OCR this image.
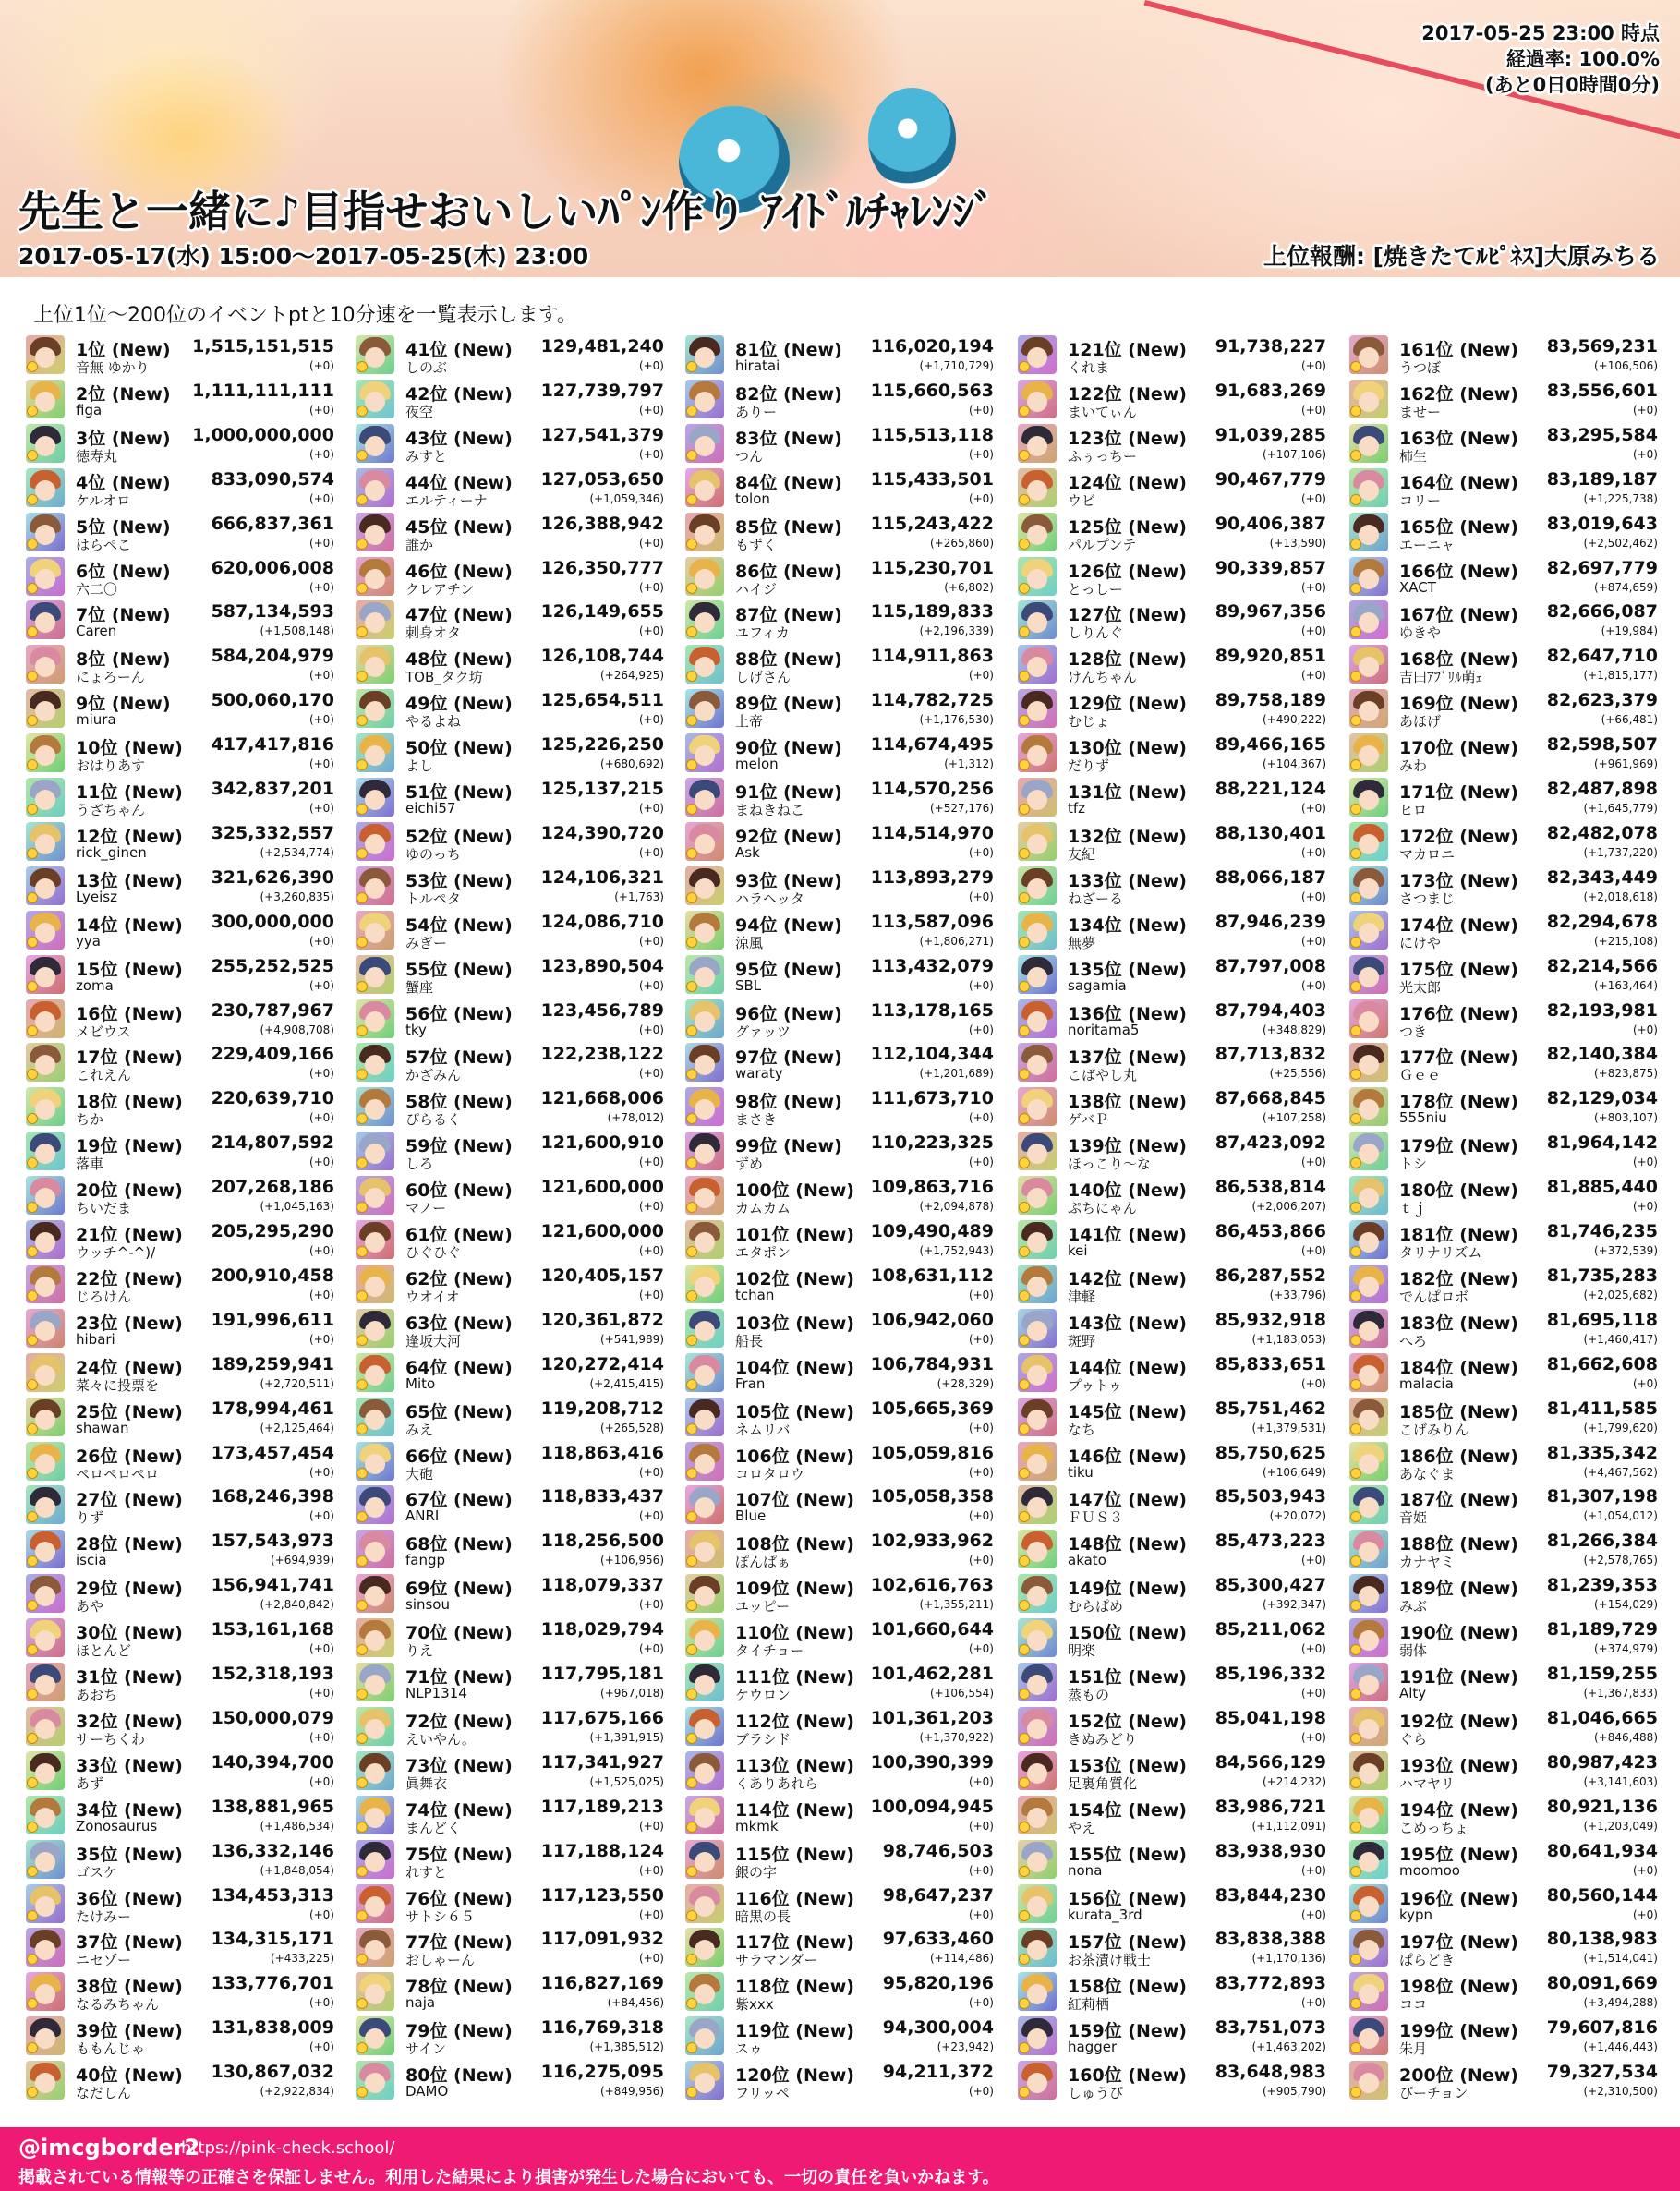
2017-05-25 23:00 時点
経過率: 100.0%
(あと0日0時間0分)
先生と一緒に♪目指せおいしいﾊﾟﾝ作り ｱｲﾄﾞﾙﾁｬﾚﾝｼﾞ
2017-05-17(水) 15:00～2017-05-25(木) 23:00	上位報酬: [焼きたてﾙﾋﾟﾈｽ]大原みちる
上位1位～200位のイベントptと10分速を一覧表示します。
1位 (New) 1,515,151,515
音無 ゆかり	(+0)
2位 (New) 1,111,111,111
figa	(+0)
3位 (New) 1,000,000,000
徳寿丸	(+0)
4位 (New) 833,090,574
ケルオロ	(+0)
5位 (New) 666,837,361
はらぺこ	(+0)
6位 (New) 620,006,008
六二〇	(+0)
7位 (New) 587,134,593
Caren	(+1,508,148)
8位 (New) 584,204,979
にょろーん	(+0)
9位 (New) 500,060,170
miura	(+0)
10位 (New) 417,417,816
おはりあす	(+0)
11位 (New) 342,837,201
うざちゃん	(+0)
12位 (New) 325,332,557
rick_ginen	(+2,534,774)
13位 (New) 321,626,390
Lyeisz	(+3,260,835)
14位 (New) 300,000,000
yya	(+0)
15位 (New) 255,252,525
zoma	(+0)
16位 (New) 230,787,967
メビウス	(+4,908,708)
17位 (New) 229,409,166
これえん	(+0)
18位 (New) 220,639,710
ちか	(+0)
19位 (New) 214,807,592
落車	(+0)
20位 (New) 207,268,186
ちいだま	(+1,045,163)
21位 (New) 205,295,290
ウッチ^-^)/	(+0)
22位 (New) 200,910,458
じろけん	(+0)
23位 (New) 191,996,611
hibari	(+0)
24位 (New) 189,259,941
菜々に投票を	(+2,720,511)
25位 (New) 178,994,461
shawan	(+2,125,464)
26位 (New) 173,457,454
ペロペロペロ	(+0)
27位 (New) 168,246,398
りず	(+0)
28位 (New) 157,543,973
iscia	(+694,939)
29位 (New) 156,941,741
あや	(+2,840,842)
30位 (New) 153,161,168
ほとんど	(+0)
31位 (New) 152,318,193
あおち	(+0)
32位 (New) 150,000,079
サーちくわ	(+0)
33位 (New) 140,394,700
あず	(+0)
34位 (New) 138,881,965
Zonosaurus	(+1,486,534)
35位 (New) 136,332,146
ゴスケ	(+1,848,054)
36位 (New) 134,453,313
たけみー	(+0)
37位 (New) 134,315,171
ニセゾー	(+433,225)
38位 (New) 133,776,701
なるみちゃん	(+0)
39位 (New) 131,838,009
ももんじゃ	(+0)
40位 (New) 130,867,032
なだしん	(+2,922,834)
41位 (New) 129,481,240
しのぶ	(+0)
42位 (New) 127,739,797
夜空	(+0)
43位 (New) 127,541,379
みすと	(+0)
44位 (New) 127,053,650
エルティーナ	(+1,059,346)
45位 (New) 126,388,942
誰か	(+0)
46位 (New) 126,350,777
クレアチン	(+0)
47位 (New) 126,149,655
刺身オタ	(+0)
48位 (New) 126,108,744
TOB_タク坊	(+264,925)
49位 (New) 125,654,511
やるよね	(+0)
50位 (New) 125,226,250
よし	(+680,692)
51位 (New) 125,137,215
eichi57	(+0)
52位 (New) 124,390,720
ゆのっち	(+0)
53位 (New) 124,106,321
トルペタ	(+1,763)
54位 (New) 124,086,710
みぎー	(+0)
55位 (New) 123,890,504
蟹座	(+0)
56位 (New) 123,456,789
tky	(+0)
57位 (New) 122,238,122
かざみん	(+0)
58位 (New) 121,668,006
ぴらるく	(+78,012)
59位 (New) 121,600,910
しろ	(+0)
60位 (New) 121,600,000
マノー	(+0)
61位 (New) 121,600,000
ひぐひぐ	(+0)
62位 (New) 120,405,157
ウオイオ	(+0)
63位 (New) 120,361,872
逢坂大河	(+541,989)
64位 (New) 120,272,414
Mito	(+2,415,415)
65位 (New) 119,208,712
みえ	(+265,528)
66位 (New) 118,863,416
大砲	(+0)
67位 (New) 118,833,437
ANRI	(+0)
68位 (New) 118,256,500
fangp	(+106,956)
69位 (New) 118,079,337
sinsou	(+0)
70位 (New) 118,029,794
りえ	(+0)
71位 (New) 117,795,181
NLP1314	(+967,018)
72位 (New) 117,675,166
えいやん。	(+1,391,915)
73位 (New) 117,341,927
眞舞衣	(+1,525,025)
74位 (New) 117,189,213
まんどく	(+0)
75位 (New) 117,188,124
れすと	(+0)
76位 (New) 117,123,550
サトシ６５	(+0)
77位 (New) 117,091,932
おしゃーん	(+0)
78位 (New) 116,827,169
naja	(+84,456)
79位 (New) 116,769,318
サイン	(+1,385,512)
80位 (New) 116,275,095
DAMO	(+849,956)
81位 (New) 116,020,194
hiratai	(+1,710,729)
82位 (New) 115,660,563
ありー	(+0)
83位 (New) 115,513,118
つん	(+0)
84位 (New) 115,433,501
tolon	(+0)
85位 (New) 115,243,422
もずく	(+265,860)
86位 (New) 115,230,701
ハイジ	(+6,802)
87位 (New) 115,189,833
ユフィカ	(+2,196,339)
88位 (New) 114,911,863
しげさん	(+0)
89位 (New) 114,782,725
上帝	(+1,176,530)
90位 (New) 114,674,495
melon	(+1,312)
91位 (New) 114,570,256
まねきねこ	(+527,176)
92位 (New) 114,514,970
Ask	(+0)
93位 (New) 113,893,279
ハラヘッタ	(+0)
94位 (New) 113,587,096
涼風	(+1,806,271)
95位 (New) 113,432,079
SBL	(+0)
96位 (New) 113,178,165
グァッツ	(+0)
97位 (New) 112,104,344
waraty	(+1,201,689)
98位 (New) 111,673,710
まさき	(+0)
99位 (New) 110,223,325
ずめ	(+0)
100位 (New) 109,863,716
カムカム	(+2,094,878)
101位 (New) 109,490,489
エタポン	(+1,752,943)
102位 (New) 108,631,112
tchan	(+0)
103位 (New) 106,942,060
船長	(+0)
104位 (New) 106,784,931
Fran	(+28,329)
105位 (New) 105,665,369
ネムリバ	(+0)
106位 (New) 105,059,816
コロタロウ	(+0)
107位 (New) 105,058,358
Blue	(+0)
108位 (New) 102,933,962
ぽんぱぁ	(+0)
109位 (New) 102,616,763
ユッピー	(+1,355,211)
110位 (New) 101,660,644
タイチョー	(+0)
111位 (New) 101,462,281
ケウロン	(+106,554)
112位 (New) 101,361,203
ブラシド	(+1,370,922)
113位 (New) 100,390,399
くありあれら	(+0)
114位 (New) 100,094,945
mkmk	(+0)
115位 (New) 98,746,503
銀の字	(+0)
116位 (New) 98,647,237
暗黒の長	(+0)
117位 (New) 97,633,460
サラマンダー	(+114,486)
118位 (New) 95,820,196
紫xxx	(+0)
119位 (New) 94,300,004
スゥ	(+23,942)
120位 (New) 94,211,372
フリッペ	(+0)
121位 (New) 91,738,227
くれま	(+0)
122位 (New) 91,683,269
まいてぃん	(+0)
123位 (New) 91,039,285
ふぅっちー	(+107,106)
124位 (New) 90,467,779
ウビ	(+0)
125位 (New) 90,406,387
パルプンテ	(+13,590)
126位 (New) 90,339,857
とっしー	(+0)
127位 (New) 89,967,356
しりんぐ	(+0)
128位 (New) 89,920,851
けんちゃん	(+0)
129位 (New) 89,758,189
むじょ	(+490,222)
130位 (New) 89,466,165
だりず	(+104,367)
131位 (New) 88,221,124
tfz	(+0)
132位 (New) 88,130,401
友紀	(+0)
133位 (New) 88,066,187
ねざーる	(+0)
134位 (New) 87,946,239
無夢	(+0)
135位 (New) 87,797,008
sagamia	(+0)
136位 (New) 87,794,403
noritama5	(+348,829)
137位 (New) 87,713,832
こばやし丸	(+25,556)
138位 (New) 87,668,845
ゲバＰ	(+107,258)
139位 (New) 87,423,092
ほっこり～な	(+0)
140位 (New) 86,538,814
ぷちにゃん	(+2,006,207)
141位 (New) 86,453,866
kei	(+0)
142位 (New) 86,287,552
津軽	(+33,796)
143位 (New) 85,932,918
斑野	(+1,183,053)
144位 (New) 85,833,651
プゥトゥ	(+0)
145位 (New) 85,751,462
なち	(+1,379,531)
146位 (New) 85,750,625
tiku	(+106,649)
147位 (New) 85,503,943
ＦＵＳ３	(+20,072)
148位 (New) 85,473,223
akato	(+0)
149位 (New) 85,300,427
むらぱめ	(+392,347)
150位 (New) 85,211,062
明楽	(+0)
151位 (New) 85,196,332
蒸もの	(+0)
152位 (New) 85,041,198
きぬみどり	(+0)
153位 (New) 84,566,129
足裏角質化	(+214,232)
154位 (New) 83,986,721
やえ	(+1,112,091)
155位 (New) 83,938,930
nona	(+0)
156位 (New) 83,844,230
kurata_3rd	(+0)
157位 (New) 83,838,388
お茶漬け戦士	(+1,170,136)
158位 (New) 83,772,893
紅莉栖	(+0)
159位 (New) 83,751,073
hagger	(+1,463,202)
160位 (New) 83,648,983
しゅうぴ	(+905,790)
161位 (New) 83,569,231
うつぼ	(+106,506)
162位 (New) 83,556,601
ませー	(+0)
163位 (New) 83,295,584
柿生	(+0)
164位 (New) 83,189,187
コリー	(+1,225,738)
165位 (New) 83,019,643
エーニャ	(+2,502,462)
166位 (New) 82,697,779
XACT	(+874,659)
167位 (New) 82,666,087
ゆきや	(+19,984)
168位 (New) 82,647,710
吉田ｱﾌﾞﾘﾙ萌ｪ	(+1,815,177)
169位 (New) 82,623,379
あほげ	(+66,481)
170位 (New) 82,598,507
みわ	(+961,969)
171位 (New) 82,487,898
ヒロ	(+1,645,779)
172位 (New) 82,482,078
マカロニ	(+1,737,220)
173位 (New) 82,343,449
さつまじ	(+2,018,618)
174位 (New) 82,294,678
にけや	(+215,108)
175位 (New) 82,214,566
光太郎	(+163,464)
176位 (New) 82,193,981
つき	(+0)
177位 (New) 82,140,384
Ｇｅｅ	(+823,875)
178位 (New) 82,129,034
555niu	(+803,107)
179位 (New) 81,964,142
トシ	(+0)
180位 (New) 81,885,440
ｔｊ	(+0)
181位 (New) 81,746,235
タリナリズム	(+372,539)
182位 (New) 81,735,283
でんぱロボ	(+2,025,682)
183位 (New) 81,695,118
へろ	(+1,460,417)
184位 (New) 81,662,608
malacia	(+0)
185位 (New) 81,411,585
こげみりん	(+1,799,620)
186位 (New) 81,335,342
あなぐま	(+4,467,562)
187位 (New) 81,307,198
音姫	(+1,054,012)
188位 (New) 81,266,384
カナヤミ	(+2,578,765)
189位 (New) 81,239,353
みぶ	(+154,029)
190位 (New) 81,189,729
弱体	(+374,979)
191位 (New) 81,159,255
Alty	(+1,367,833)
192位 (New) 81,046,665
ぐら	(+846,488)
193位 (New) 80,987,423
ハマヤリ	(+3,141,603)
194位 (New) 80,921,136
こめっちょ	(+1,203,049)
195位 (New) 80,641,934
moomoo	(+0)
196位 (New) 80,560,144
kypn	(+0)
197位 (New) 80,138,983
ぱらどき	(+1,514,041)
198位 (New) 80,091,669
ココ	(+3,494,288)
199位 (New) 79,607,816
朱月	(+1,446,443)
200位 (New) 79,327,534
ぴーチョン	(+2,310,500)
@imcgborder2
https://pink-check.school/
掲載されている情報等の正確さを保証しません。利用した結果により損害が発生した場合においても、一切の責任を負いかねます。
